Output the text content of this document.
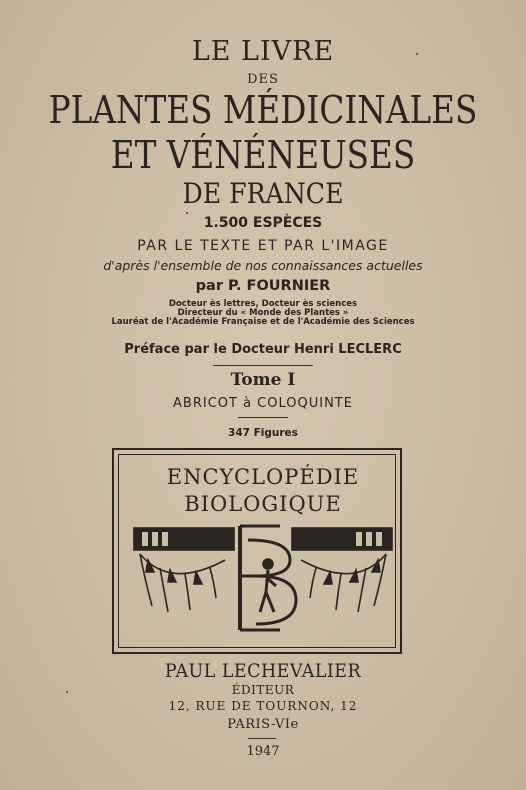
LE LIVRE
DES
PLANTES MÉDICINALES
ET VÉNÉNEUSES
DE FRANCE
1.500 ESPÈCES
PAR LE TEXTE ET PAR L'IMAGE
d'après l'ensemble de nos connaissances actuelles
par P. FOURNIER
Docteur ès lettres, Docteur ès sciences
Directeur du « Monde des Plantes »
Lauréat de l'Académie Française et de l'Académie des Sciences
Préface par le Docteur Henri LECLERC
Tome I
ABRICOT à COLOQUINTE
347 Figures
ENCYCLOPÉDIE
BIOLOGIQUE
PAUL LECHEVALIER
ÉDITEUR
12, RUE DE TOURNON, 12
PARIS-VIe
1947
